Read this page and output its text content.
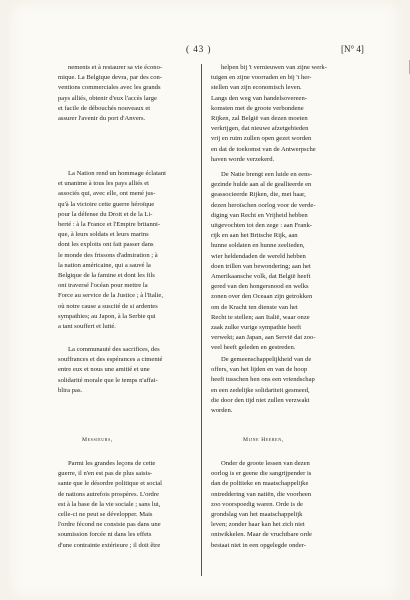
( 43 )	[N° 4]
nements et à restaurer sa vie écono-
mique. La Belgique devra, par des con-
ventions commerciales avec les grands
pays alliés, obtenir d'eux l'accès large
et facile de débouchés nouveaux et
assurer l'avenir du port d'Anvers.
La Nation rend un hommage éclatant
et unanime à tous les pays alliés et
associés qui, avec elle, ont mené jus-
qu'à la victoire cette guerre héroïque
pour la défense du Droit et de la Li-
berté : à la France et l'Empire britanni-
que, à leurs soldats et leurs marins
dont les exploits ont fait passer dans
le monde des frissons d'admiration ; à
la nation américaine, qui a sauvé la
Belgique de la famine et dont les fils
ont traversé l'océan pour mettre la
Force au service de la Justice ; à l'Italie,
où notre cause a suscité de si ardentes
sympathies; au Japon, à la Serbie qui
a tant souffert et lutté.
La communauté des sacrifices, des
souffrances et des espérances a cimenté
entre eux et nous une amitié et une
solidarité morale que le temps n'affai-
blira pas.
Messieurs,
Parmi les grandes leçons de cette
guerre, il n'en est pas de plus saisis-
sante que le désordre politique et social
de nations autrefois prospères. L'ordre
est à la base de la vie sociale ; sans lui,
celle-ci ne peut se développer. Mais
l'ordre fécond ne consiste pas dans une
soumission forcée ni dans les effets
d'une contrainte extérieure ; il doit être
helpen bij 't vernieuwen van zijne werk-
tuigen en zijne voorraden en bij 't her-
stellen van zijn economisch leven.
Langs den weg van handelsovereen-
komsten met de groote verbondene
Rijken, zal België van dezen moeten
verkrijgen, dat nieuwe afzetgebieden
vrij en ruim zullen open gezet worden
en dat de toekomst van de Antwerpsche
haven worde verzekerd.
De Natie brengt een luide en eens-
gezinde hulde aan al de geallieerde en
geassocieerde Rijken, die, met haar,
dezen heroïschen oorlog voor de verde-
diging van Recht en Vrijheid hebben
uitgevochten tot den zege : aan Frank-
rijk en aan het Britsche Rijk, aan
hunne soldaten en hunne zeelieden,
wier heldendaden de wereld hebben
doen trillen van bewondering; aan het
Amerikaansche volk, dat België heeft
gered van den hongersnood en welks
zonen over den Oceaan zijn getrokken
om de Kracht ten dienste van het
Recht te stellen; aan Italië, waar onze
zaak zulke vurige sympathie heeft
verwekt; aan Japan, aan Servië dat zoo-
veel heeft geleden en gestreden.
De gemeenschappelijkheid van de
offers, van het lijden en van de hoop
heeft tusschen hen ons een vriendschap
en een zedelijke solidariteit gesmeed,
die door den tijd niet zullen verzwakt
worden.
Mijne Heeren,
Onder de groote lessen van dezen
oorlog is er geene die sangrijpender is
dan de politieke en maatschappelijke
ontreddering van natiën, die voorheen
zoo voorspoedig waren. Orde is de
grondslag van het maatschappelijk
leven; zonder haar kan het zich niet
ontwikkelen. Maar de vruchtbare orde
bestaat niet in een opgelegde onder-
